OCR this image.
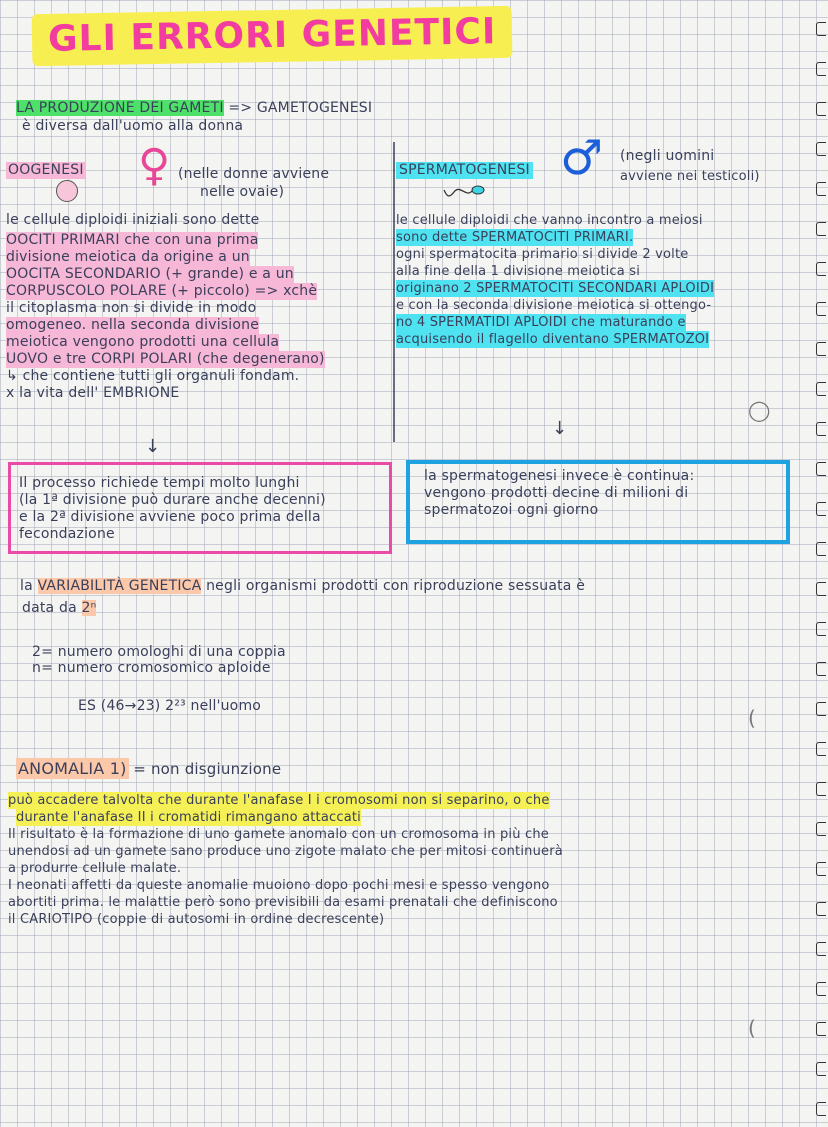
GLI ERRORI GENETICI
LA PRODUZIONE DEI GAMETI => GAMETOGENESI
è diversa dall'uomo alla donna
OOGENESI ♀ (nelle donne avviene
nelle ovaie)
le cellule diploidi iniziali sono dette
OOCITI PRIMARI che con una prima
divisione meiotica da origine a un
OOCITA SECONDARIO (+ grande) e a un
CORPUSCOLO POLARE (+ piccolo) => xchè
il citoplasma non si divide in modo
omogeneo. nella seconda divisione
meiotica vengono prodotti una cellula
UOVO e tre CORPI POLARI (che degenerano)
↳ che contiene tutti gli organuli fondam.
x la vita dell' EMBRIONE
SPERMATOGENESI ♂ (negli uomini
avviene nei testicoli)
le cellule diploidi che vanno incontro a meiosi
sono dette SPERMATOCITI PRIMARI.
ogni spermatocita primario si divide 2 volte
alla fine della 1 divisione meiotica si
originano 2 SPERMATOCITI SECONDARI APLOIDI
e con la seconda divisione meiotica si ottengo-
no 4 SPERMATIDI APLOIDI che maturando e
acquisendo il flagello diventano SPERMATOZOI
↓
↓
Il processo richiede tempi molto lunghi
(la 1ª divisione può durare anche decenni)
e la 2ª divisione avviene poco prima della
fecondazione
la spermatogenesi invece è continua:
vengono prodotti decine di milioni di
spermatozoi ogni giorno
la VARIABILITÀ GENETICA negli organismi prodotti con riproduzione sessuata è
data da 2ⁿ
2= numero omologhi di una coppia
n= numero cromosomico aploide
ES (46→23) 2²³ nell'uomo
ANOMALIA 1) = non disgiunzione
può accadere talvolta che durante l'anafase I i cromosomi non si separino, o che
durante l'anafase II i cromatidi rimangano attaccati
Il risultato è la formazione di uno gamete anomalo con un cromosoma in più che
unendosi ad un gamete sano produce uno zigote malato che per mitosi continuerà
a produrre cellule malate.
I neonati affetti da queste anomalie muoiono dopo pochi mesi e spesso vengono
abortiti prima. le malattie però sono previsibili da esami prenatali che definiscono
il CARIOTIPO (coppie di autosomi in ordine decrescente)
◯
(
(
